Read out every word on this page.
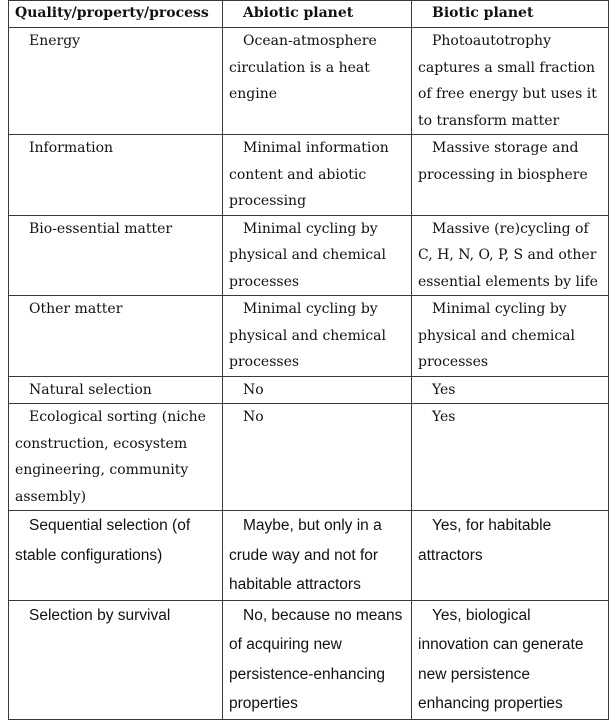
Quality/property/process	Abiotic planet	Biotic planet

Energy	Ocean-atmosphere circulation is a heat engine	Photoautotrophy captures a small fraction of free energy but uses it to transform matter

Information	Minimal information content and abiotic processing	Massive storage and processing in biosphere

Bio-essential matter	Minimal cycling by physical and chemical processes	Massive (re)cycling of C, H, N, O, P, S and other essential elements by life

Other matter	Minimal cycling by physical and chemical processes	Minimal cycling by physical and chemical processes

Natural selection	No	Yes

Ecological sorting (niche construction, ecosystem engineering, community assembly)	No	Yes

Sequential selection (of stable configurations)	Maybe, but only in a crude way and not for habitable attractors	Yes, for habitable attractors

Selection by survival	No, because no means of acquiring new persistence-enhancing properties	Yes, biological innovation can generate new persistence enhancing properties
